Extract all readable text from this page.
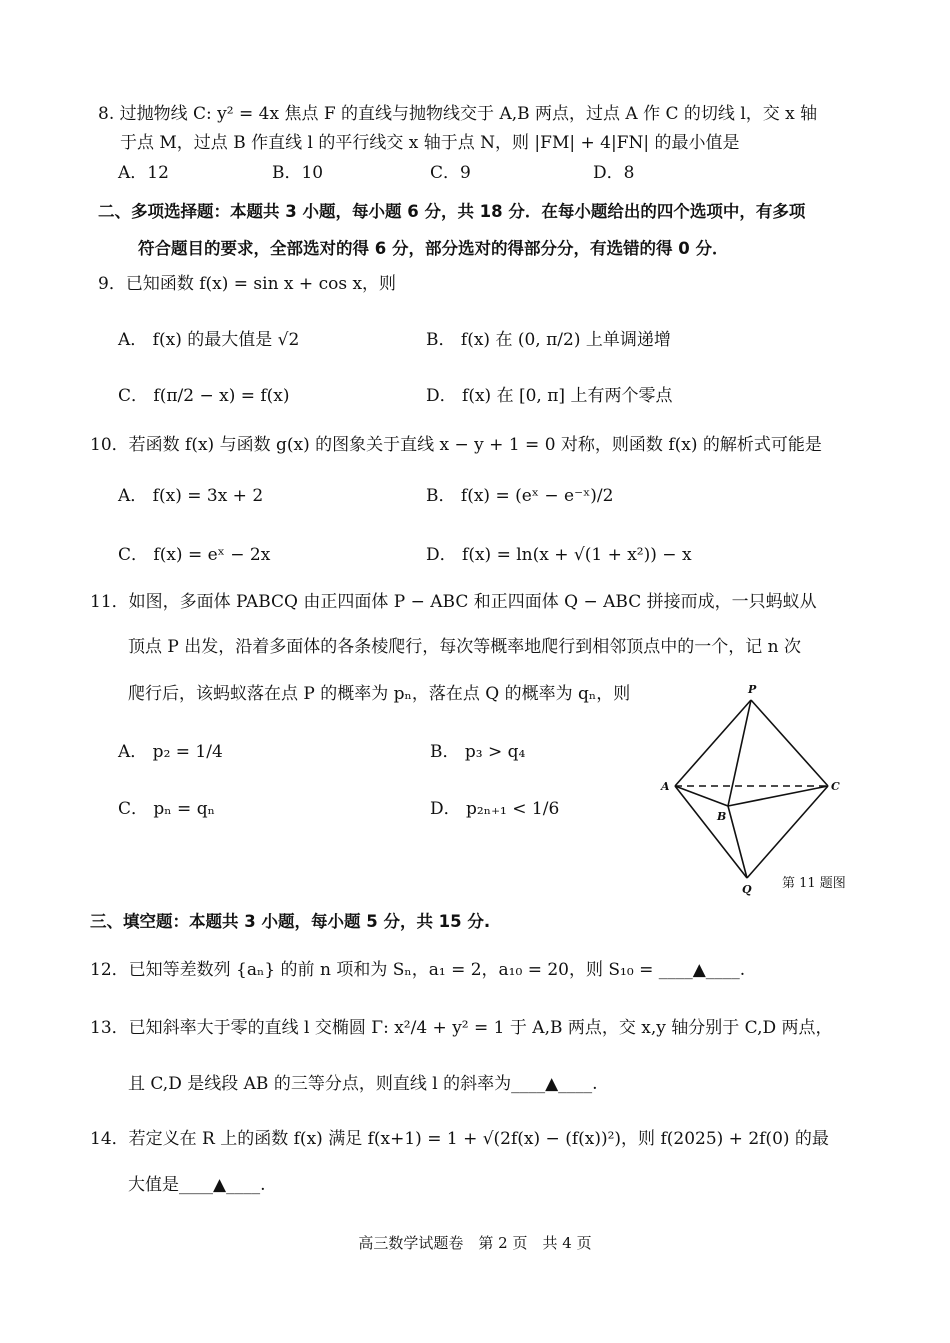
8. 过抛物线 C: y² = 4x 焦点 F 的直线与抛物线交于 A,B 两点，过点 A 作 C 的切线 l，交 x 轴
于点 M，过点 B 作直线 l 的平行线交 x 轴于点 N，则 |FM| + 4|FN| 的最小值是
A．12	B．10	C．9	D．8
二、多项选择题：本题共 3 小题，每小题 6 分，共 18 分．在每小题给出的四个选项中，有多项
符合题目的要求，全部选对的得 6 分，部分选对的得部分分，有选错的得 0 分．
9．已知函数 f(x) = sin x + cos x，则
A． f(x) 的最大值是 √2	B． f(x) 在 (0, π/2) 上单调递增
C． f(π/2 − x) = f(x)	D． f(x) 在 [0, π] 上有两个零点
10．若函数 f(x) 与函数 g(x) 的图象关于直线 x − y + 1 = 0 对称，则函数 f(x) 的解析式可能是
A． f(x) = 3x + 2	B． f(x) = (eˣ − e⁻ˣ)/2
C． f(x) = eˣ − 2x	D． f(x) = ln(x + √(1 + x²)) − x
11．如图，多面体 PABCQ 由正四面体 P − ABC 和正四面体 Q − ABC 拼接而成，一只蚂蚁从
顶点 P 出发，沿着多面体的各条棱爬行，每次等概率地爬行到相邻顶点中的一个，记 n 次
爬行后，该蚂蚁落在点 P 的概率为 pₙ，落在点 Q 的概率为 qₙ，则
A． p₂ = 1/4	B． p₃ > q₄
C． pₙ = qₙ	D． p₂ₙ₊₁ < 1/6
P
A
B
C
Q 第 11 题图
三、填空题：本题共 3 小题，每小题 5 分，共 15 分.
12．已知等差数列 {aₙ} 的前 n 项和为 Sₙ，a₁ = 2，a₁₀ = 20，则 S₁₀ = ____▲____.
13．已知斜率大于零的直线 l 交椭圆 Γ: x²/4 + y² = 1 于 A,B 两点，交 x,y 轴分别于 C,D 两点，
且 C,D 是线段 AB 的三等分点，则直线 l 的斜率为____▲____.
14．若定义在 R 上的函数 f(x) 满足 f(x+1) = 1 + √(2f(x) − (f(x))²)，则 f(2025) + 2f(0) 的最
大值是____▲____.
高三数学试题卷　第 2 页　共 4 页
